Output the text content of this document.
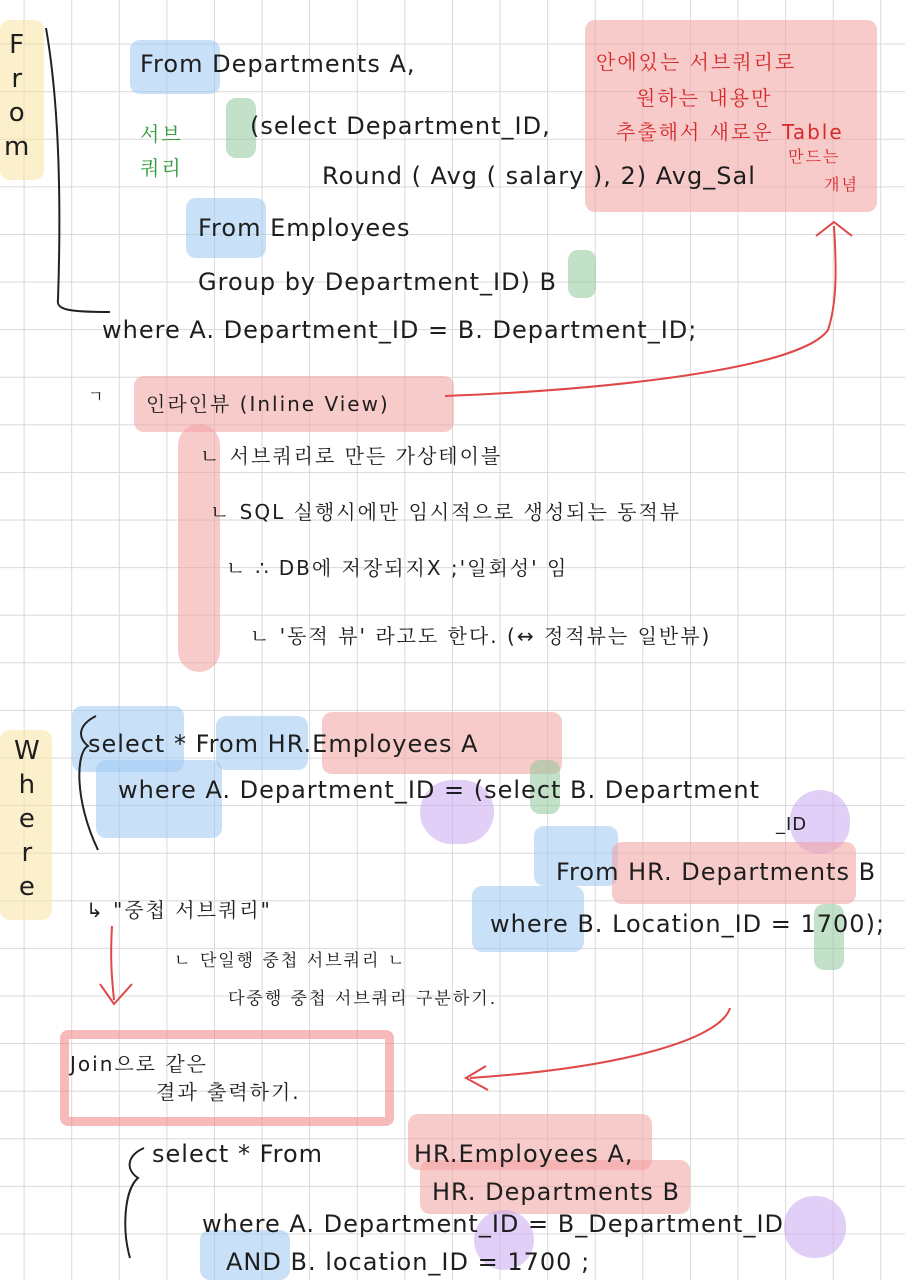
F
r
o
m
From Departments A,
서브
쿼리
(select Department_ID,
Round ( Avg ( salary ), 2) Avg_Sal
From Employees
Group by Department_ID) B
where A. Department_ID = B. Department_ID;
안에있는 서브쿼리로
원하는 내용만
추출해서 새로운 Table
만드는
개념
ㄱ 인라인뷰 (Inline View)
ㄴ 서브쿼리로 만든 가상테이블
ㄴ SQL 실행시에만 임시적으로 생성되는 동적뷰
ㄴ ∴ DB에 저장되지X ;'일회성' 임
ㄴ '동적 뷰' 라고도 한다. (↔ 정적뷰는 일반뷰)
W
h
e
r
e
select * From HR.Employees A
where A. Department_ID = (select B. Department
_ID
From HR. Departments B
where B. Location_ID = 1700);
↳ "중첩 서브쿼리"
ㄴ 단일행 중첩 서브쿼리 ㄴ
다중행 중첩 서브쿼리 구분하기.
Join으로 같은
결과 출력하기.
select * From	HR.Employees A,
HR. Departments B
where A. Department_ID = B_Department_ID
AND B. location_ID = 1700 ;
